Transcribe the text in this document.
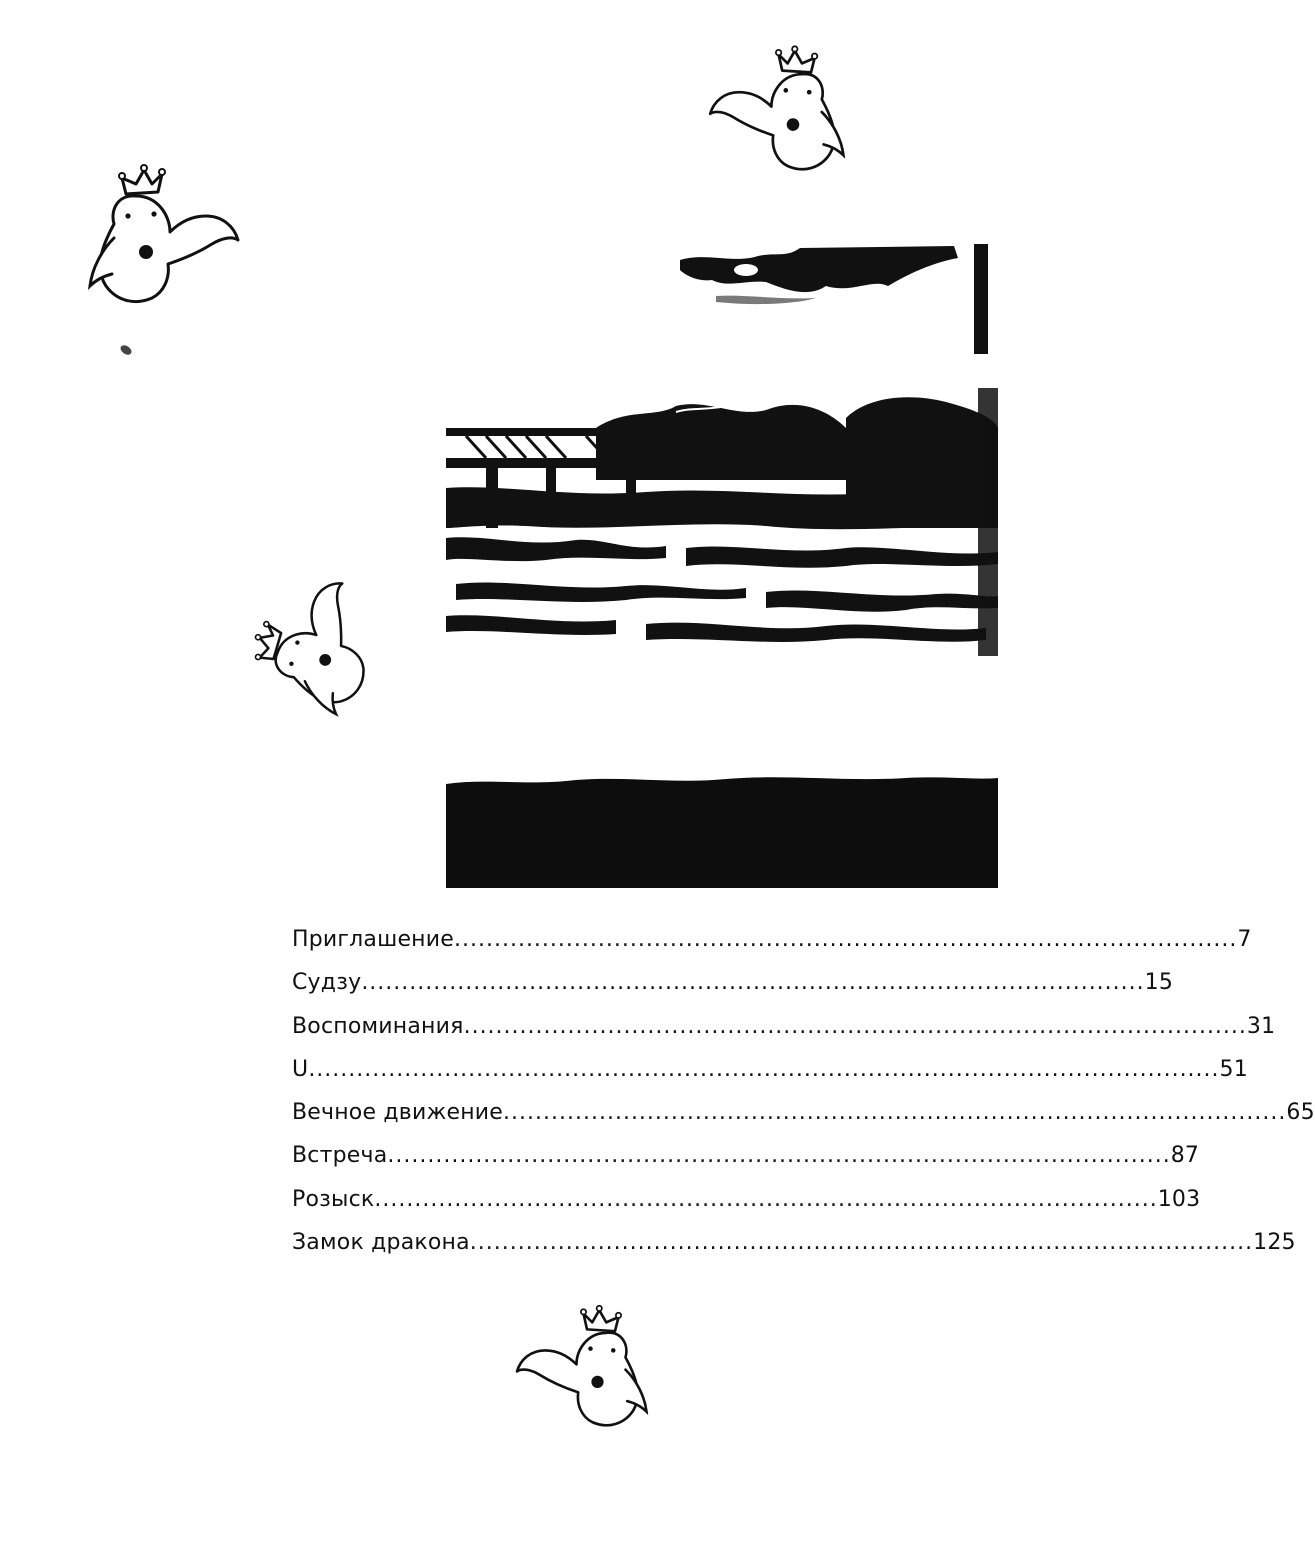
Приглашение .................................................................................................. 7
Судзу .................................................................................................. 15
Воспоминания .................................................................................................. 31
U .................................................................................................................. 51
Вечное движение .................................................................................................. 65
Встреча .................................................................................................. 87
Розыск .................................................................................................. 103
Замок дракона .................................................................................................. 125
